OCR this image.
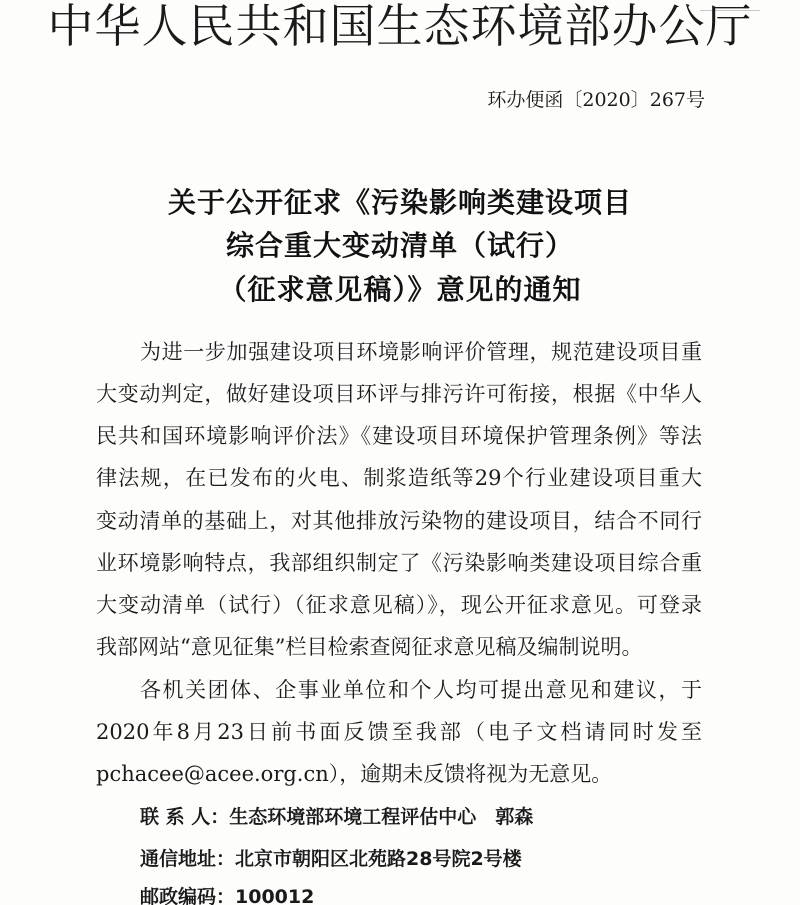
中华人民共和国生态环境部办公厅
环办便函〔2020〕267号
关于公开征求《污染影响类建设项目
综合重大变动清单（试行）
（征求意见稿）》意见的通知
为进一步加强建设项目环境影响评价管理，规范建设项目重
大变动判定，做好建设项目环评与排污许可衔接，根据《中华人
民共和国环境影响评价法》《建设项目环境保护管理条例》等法
律法规，在已发布的火电、制浆造纸等29个行业建设项目重大
变动清单的基础上，对其他排放污染物的建设项目，结合不同行
业环境影响特点，我部组织制定了《污染影响类建设项目综合重
大变动清单（试行）（征求意见稿）》，现公开征求意见。可登录
我部网站“意见征集”栏目检索查阅征求意见稿及编制说明。
各机关团体、企事业单位和个人均可提出意见和建议，于
2020年8月23日前书面反馈至我部（电子文档请同时发至
pchacee@acee.org.cn），逾期未反馈将视为无意见。
联 系 人：生态环境部环境工程评估中心　郭森
通信地址：北京市朝阳区北苑路28号院2号楼
邮政编码：100012
